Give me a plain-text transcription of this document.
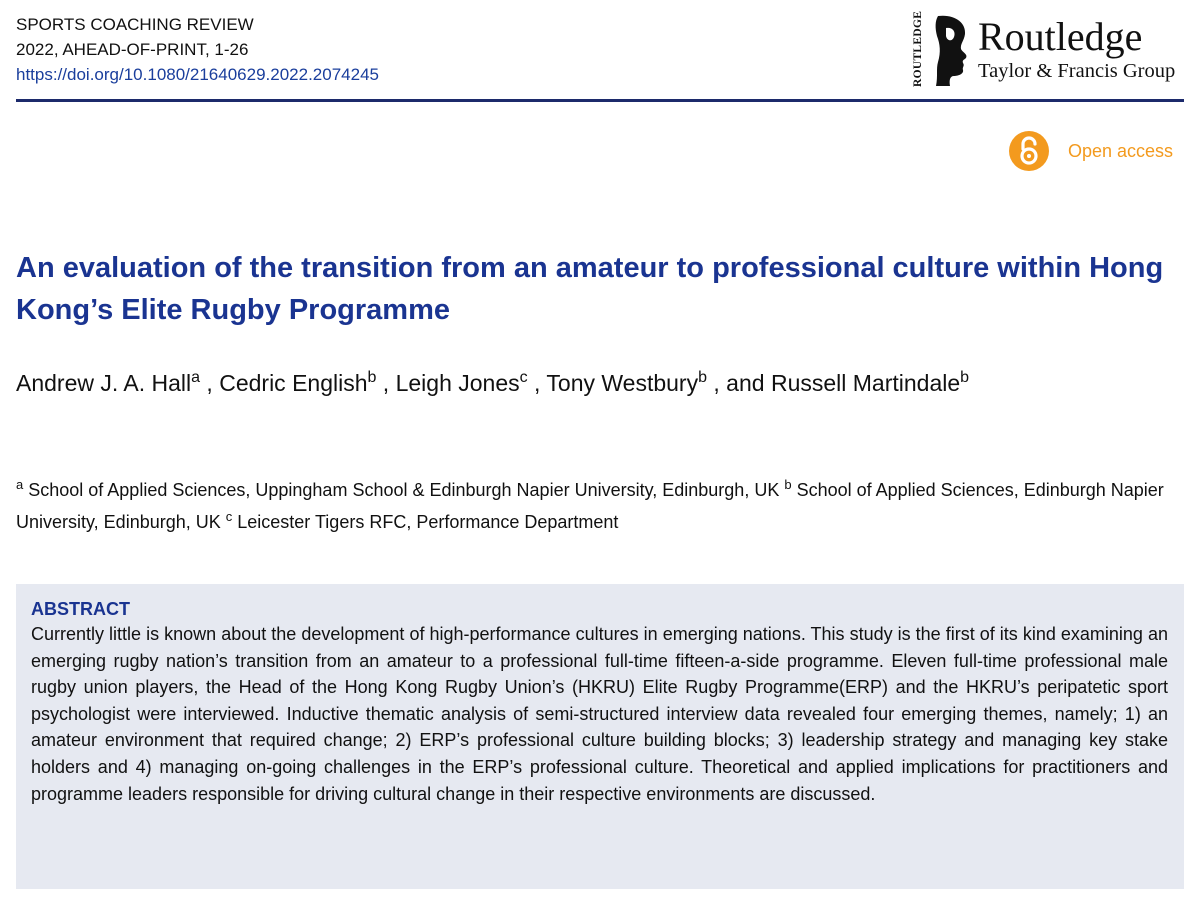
SPORTS COACHING REVIEW
2022, AHEAD-OF-PRINT, 1-26
https://doi.org/10.1080/21640629.2022.2074245	ROUTLEDGE Routledge
Taylor & Francis Group
Open access
An evaluation of the transition from an amateur to professional culture within Hong Kong’s Elite Rugby Programme
Andrew J. A. Hall$^a$ , Cedric English$^b$ , Leigh Jones$^c$ , Tony Westbury$^b$ , and Russell Martindale$^b$
$^a$ School of Applied Sciences, Uppingham School & Edinburgh Napier University, Edinburgh, UK $^b$ School of Applied Sciences, Edinburgh Napier University, Edinburgh, UK $^c$ Leicester Tigers RFC, Performance Department
ABSTRACT
Currently little is known about the development of high-performance cultures in emerging nations. This study is the first of its kind examining an emerging rugby nation’s transition from an amateur to a professional full-time fifteen-a-side programme. Eleven full-time professional male rugby union players, the Head of the Hong Kong Rugby Union’s (HKRU) Elite Rugby Programme(ERP) and the HKRU’s peripatetic sport psychologist were interviewed. Inductive thematic analysis of semi-structured interview data revealed four emerging themes, namely; 1) an amateur environment that required change; 2) ERP’s professional culture building blocks; 3) leadership strategy and managing key stake holders and 4) managing on-going challenges in the ERP’s professional culture. Theoretical and applied implications for practitioners and programme leaders responsible for driving cultural change in their respective environments are discussed.
